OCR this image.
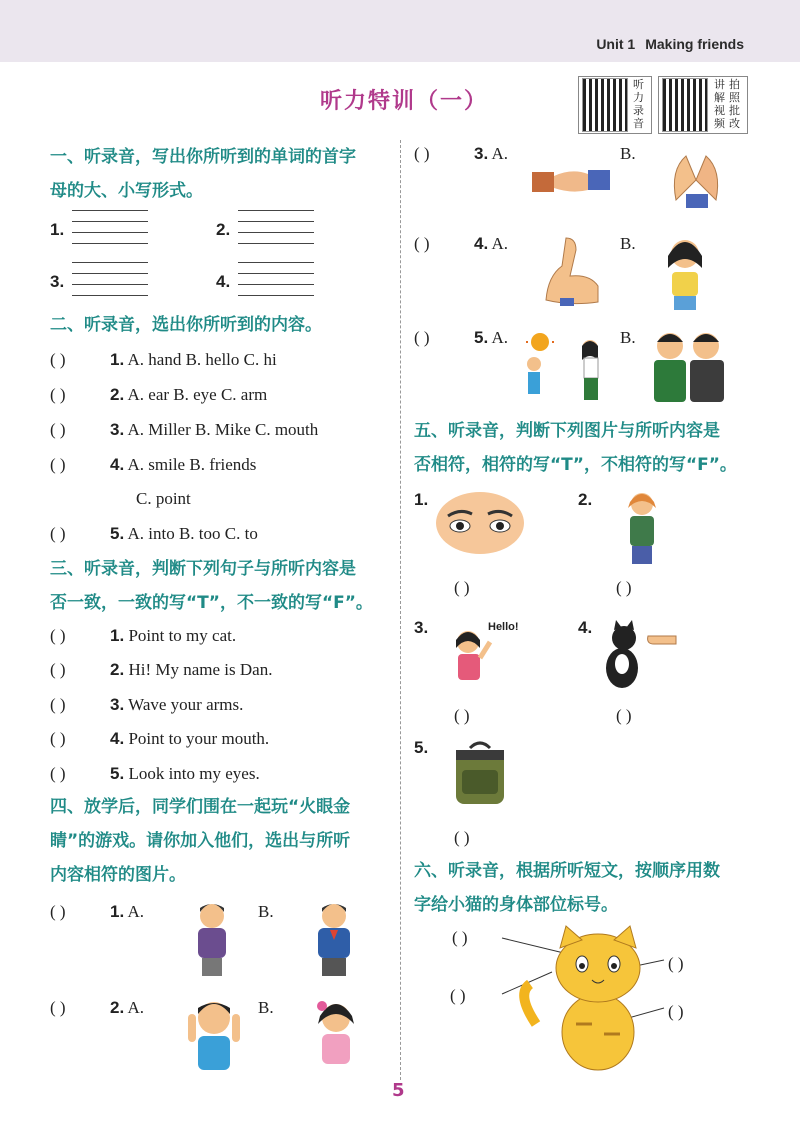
Unit 1 Making friends
听力特训（一）
听力录音
讲解视频
拍照批改
一、听录音，写出你所听到的单词的首字
母的大、小写形式。
1.	2.
3.	4.
二、听录音，选出你所听到的内容。
( )	1. A. hand B. hello C. hi
( )	2. A. ear B. eye C. arm
( )	3. A. Miller B. Mike C. mouth
( )	4. A. smile B. friends
C. point
( )	5. A. into B. too C. to
三、听录音，判断下列句子与所听内容是
否一致，一致的写“T”，不一致的写“F”。
( )	1. Point to my cat.
( )	2. Hi! My name is Dan.
( )	3. Wave your arms.
( )	4. Point to your mouth.
( )	5. Look into my eyes.
四、放学后，同学们围在一起玩“火眼金
睛”的游戏。请你加入他们，选出与所听
内容相符的图片。
( )	1. A.	B.
( )	2. A.	B.
( )	3. A.	B.
( )	4. A.	B.
( )	5. A.	B.
五、听录音，判断下列图片与所听内容是
否相符，相符的写“T”，不相符的写“F”。
1.
( )
2.
( )
3.	Hello!
( )
4.
( )
5.
( )
六、听录音，根据所听短文，按顺序用数
字给小猫的身体部位标号。
( )
( )
( )
( )
5
